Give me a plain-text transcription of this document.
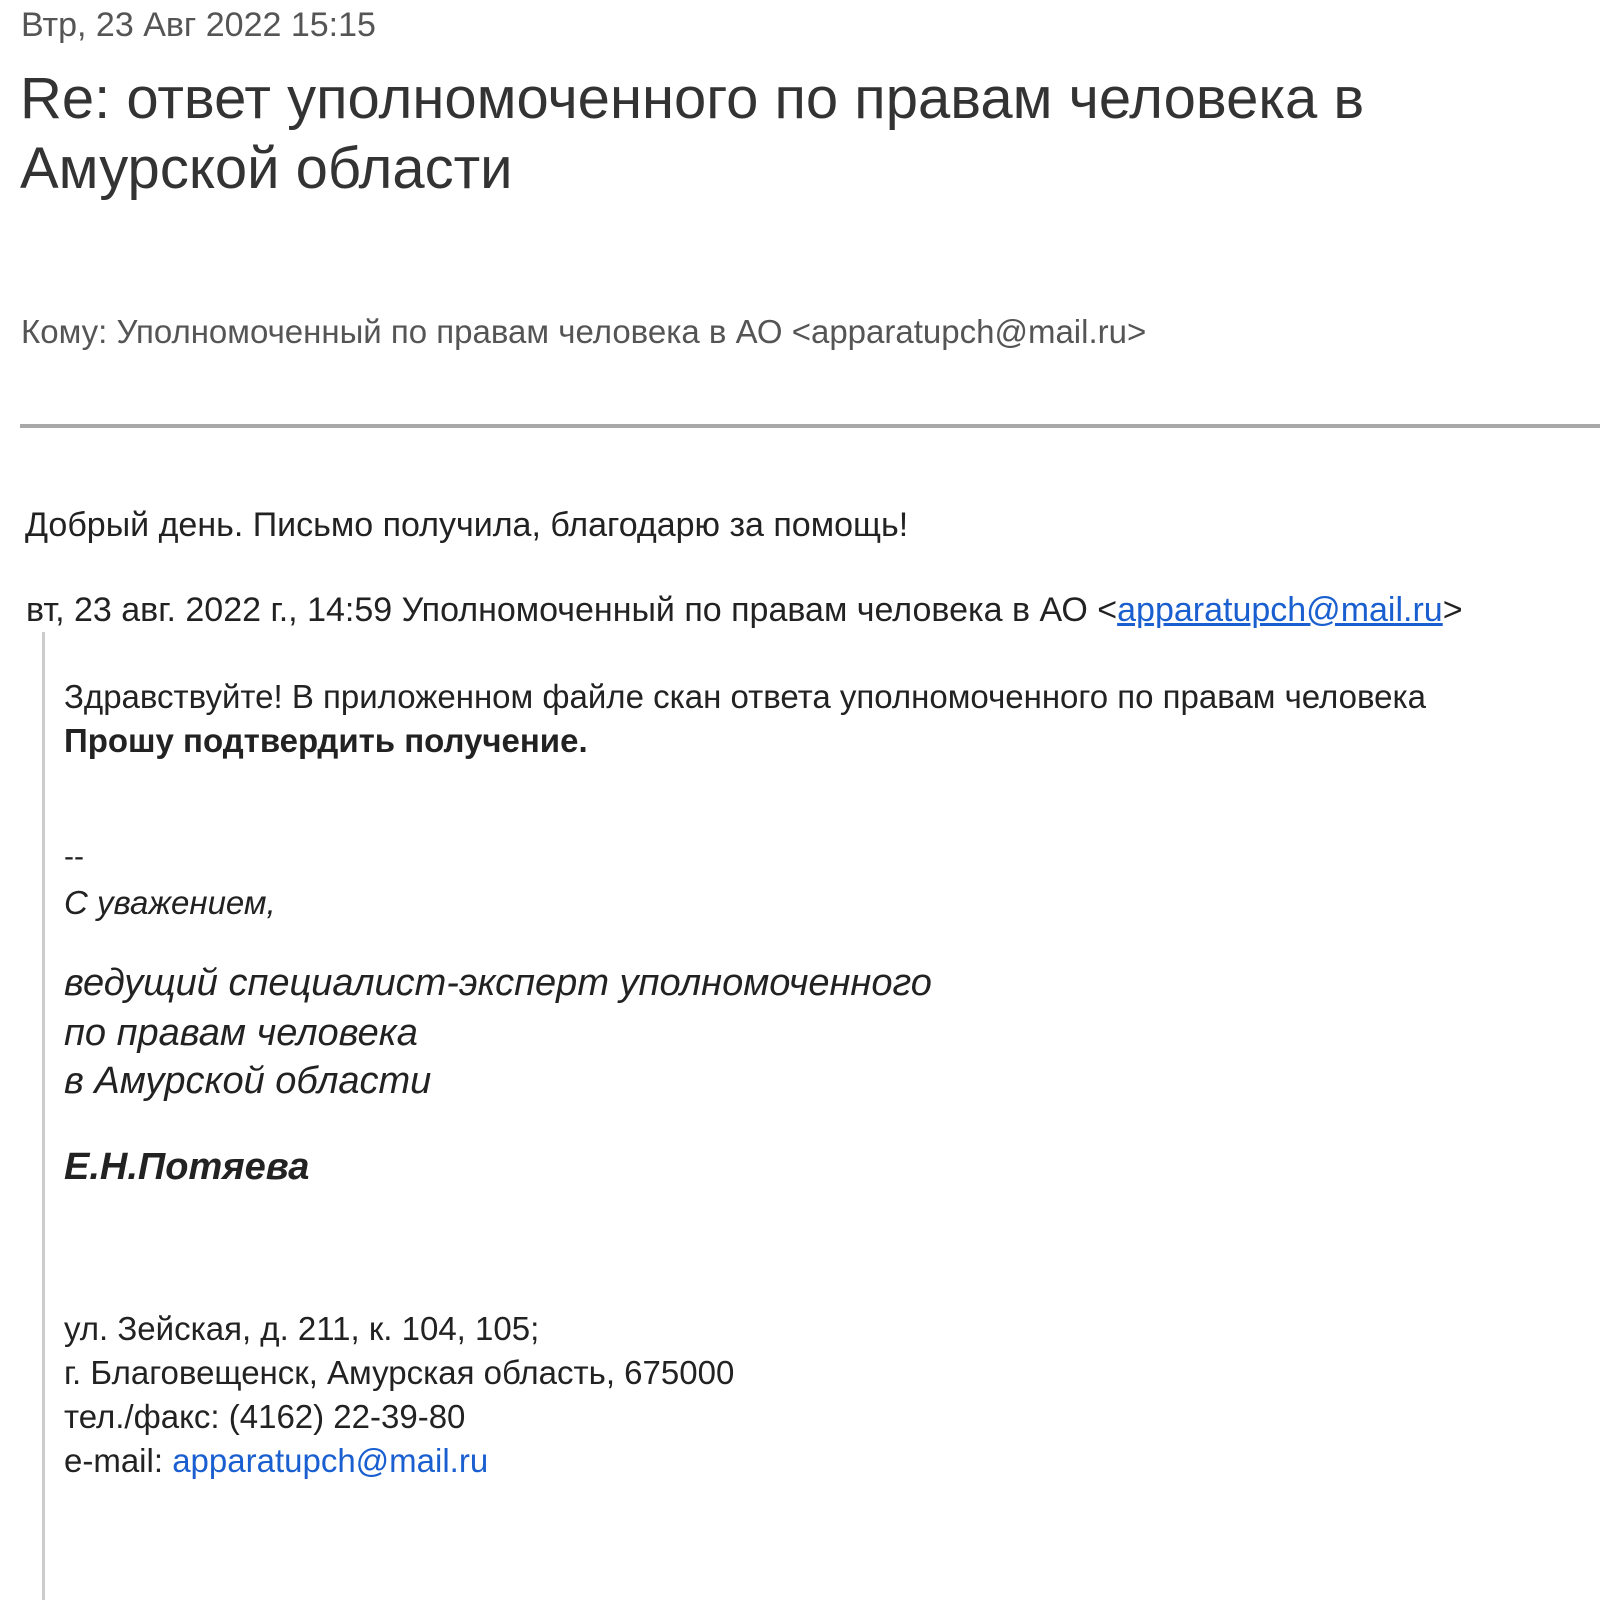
Втр, 23 Авг 2022 15:15
Re: ответ уполномоченного по правам человека в Амурской области
Кому: Уполномоченный по правам человека в АО <apparatupch@mail.ru>
Добрый день. Письмо получила, благодарю за помощь!
вт, 23 авг. 2022 г., 14:59 Уполномоченный по правам человека в АО <apparatupch@mail.ru>
Здравствуйте! В приложенном файле скан ответа уполномоченного по правам человека
Прошу подтвердить получение.
--
С уважением,
ведущий специалист-эксперт уполномоченного
по правам человека
в Амурской области
Е.Н.Потяева
ул. Зейская, д. 211, к. 104, 105;
г. Благовещенск, Амурская область, 675000
тел./факс: (4162) 22-39-80
e-mail: apparatupch@mail.ru
